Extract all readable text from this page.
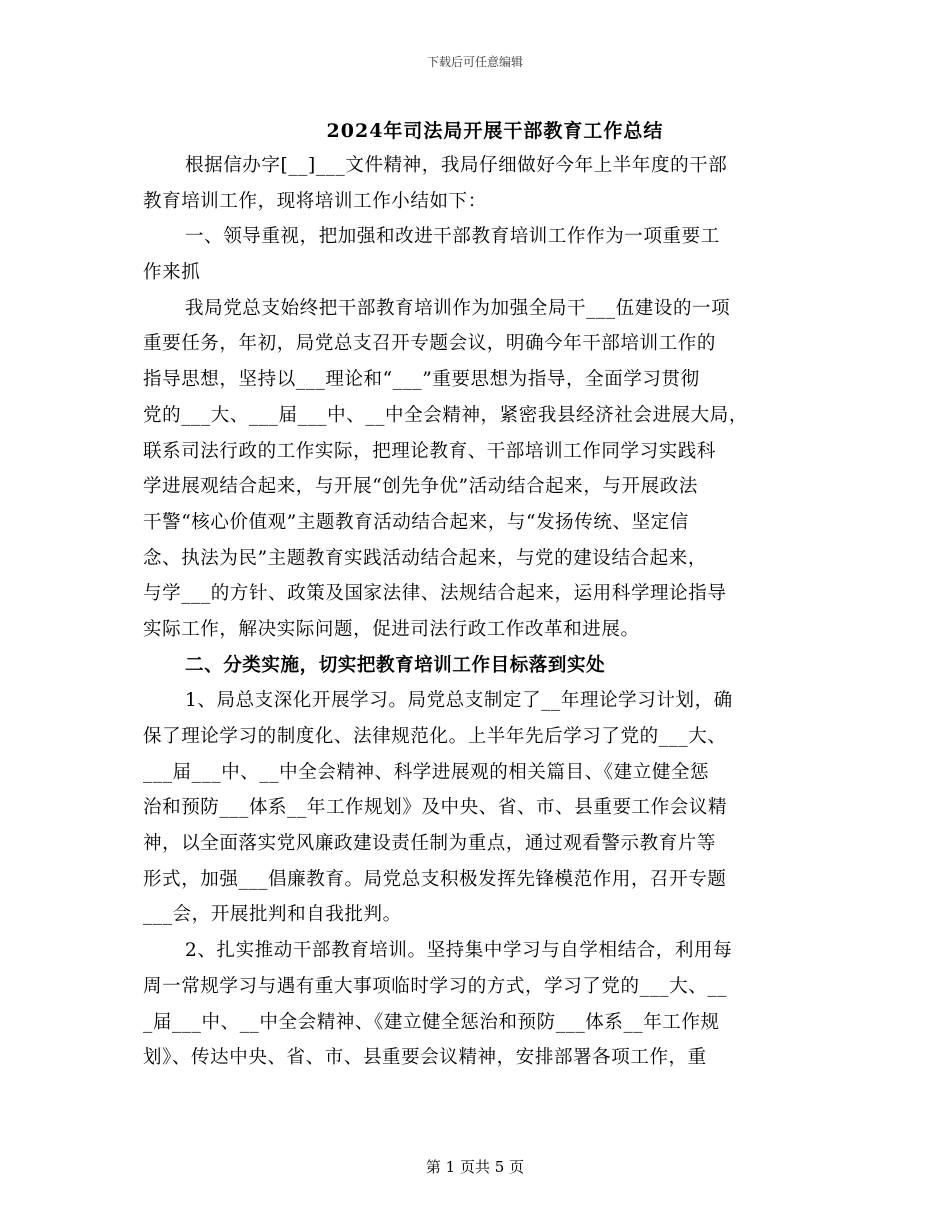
下载后可任意编辑
2024年司法局开展干部教育工作总结
根据信办字[__]___文件精神，我局仔细做好今年上半年度的干部
教育培训工作，现将培训工作小结如下：
一、领导重视，把加强和改进干部教育培训工作作为一项重要工
作来抓
我局党总支始终把干部教育培训作为加强全局干___伍建设的一项
重要任务，年初，局党总支召开专题会议，明确今年干部培训工作的
指导思想，坚持以___理论和“___”重要思想为指导，全面学习贯彻
党的___大、___届___中、__中全会精神，紧密我县经济社会进展大局，
联系司法行政的工作实际，把理论教育、干部培训工作同学习实践科
学进展观结合起来，与开展“创先争优”活动结合起来，与开展政法
干警“核心价值观”主题教育活动结合起来，与“发扬传统、坚定信
念、执法为民”主题教育实践活动结合起来，与党的建设结合起来，
与学___的方针、政策及国家法律、法规结合起来，运用科学理论指导
实际工作，解决实际问题，促进司法行政工作改革和进展。
二、分类实施，切实把教育培训工作目标落到实处
1、局总支深化开展学习。局党总支制定了__年理论学习计划，确
保了理论学习的制度化、法律规范化。上半年先后学习了党的___大、
___届___中、__中全会精神、科学进展观的相关篇目、《建立健全惩
治和预防___体系__年工作规划》及中央、省、市、县重要工作会议精
神，以全面落实党风廉政建设责任制为重点，通过观看警示教育片等
形式，加强___倡廉教育。局党总支积极发挥先锋模范作用，召开专题
___会，开展批判和自我批判。
2、扎实推动干部教育培训。坚持集中学习与自学相结合，利用每
周一常规学习与遇有重大事项临时学习的方式，学习了党的___大、__
_届___中、__中全会精神、《建立健全惩治和预防___体系__年工作规
划》、传达中央、省、市、县重要会议精神，安排部署各项工作，重
第 1 页共 5 页
